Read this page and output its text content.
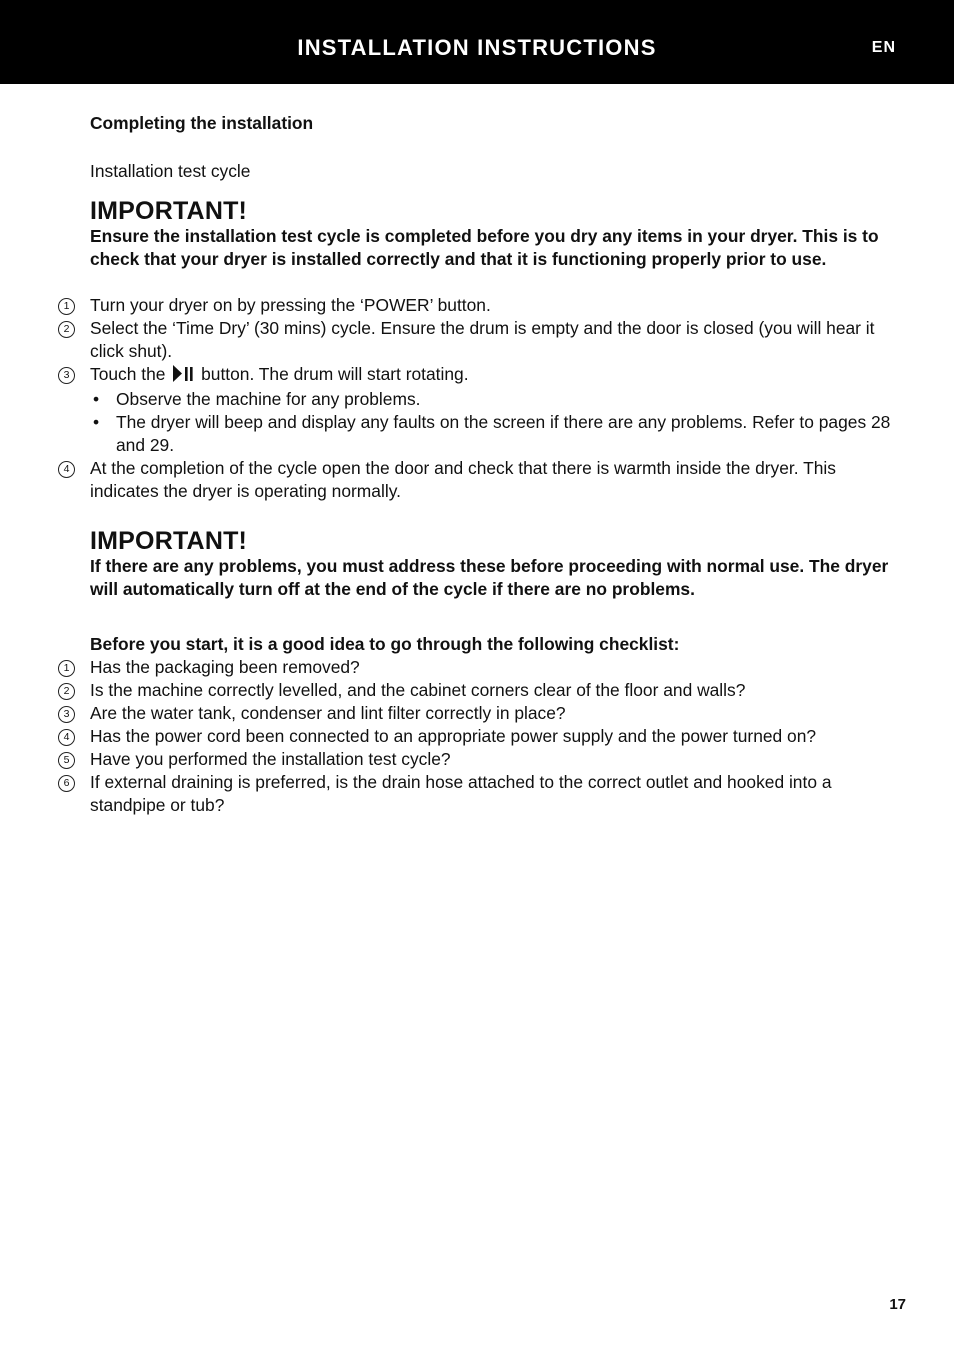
INSTALLATION INSTRUCTIONS	EN

Completing the installation

Installation test cycle

IMPORTANT!

Ensure the installation test cycle is completed before you dry any items in your dryer. This is to check that your dryer is installed correctly and that it is functioning properly prior to use.

1	Turn your dryer on by pressing the ‘POWER’ button.
2	Select the ‘Time Dry’ (30 mins) cycle. Ensure the drum is empty and the door is closed (you will hear it click shut).
3	Touch the button. The drum will start rotating.
• Observe the machine for any problems.
• The dryer will beep and display any faults on the screen if there are any problems. Refer to pages 28 and 29.
4	At the completion of the cycle open the door and check that there is warmth inside the dryer. This indicates the dryer is operating normally.

IMPORTANT!

If there are any problems, you must address these before proceeding with normal use. The dryer will automatically turn off at the end of the cycle if there are no problems.

Before you start, it is a good idea to go through the following checklist:

1	Has the packaging been removed?
2	Is the machine correctly levelled, and the cabinet corners clear of the floor and walls?
3	Are the water tank, condenser and lint filter correctly in place?
4	Has the power cord been connected to an appropriate power supply and the power turned on?
5	Have you performed the installation test cycle?
6	If external draining is preferred, is the drain hose attached to the correct outlet and hooked into a standpipe or tub?
17
